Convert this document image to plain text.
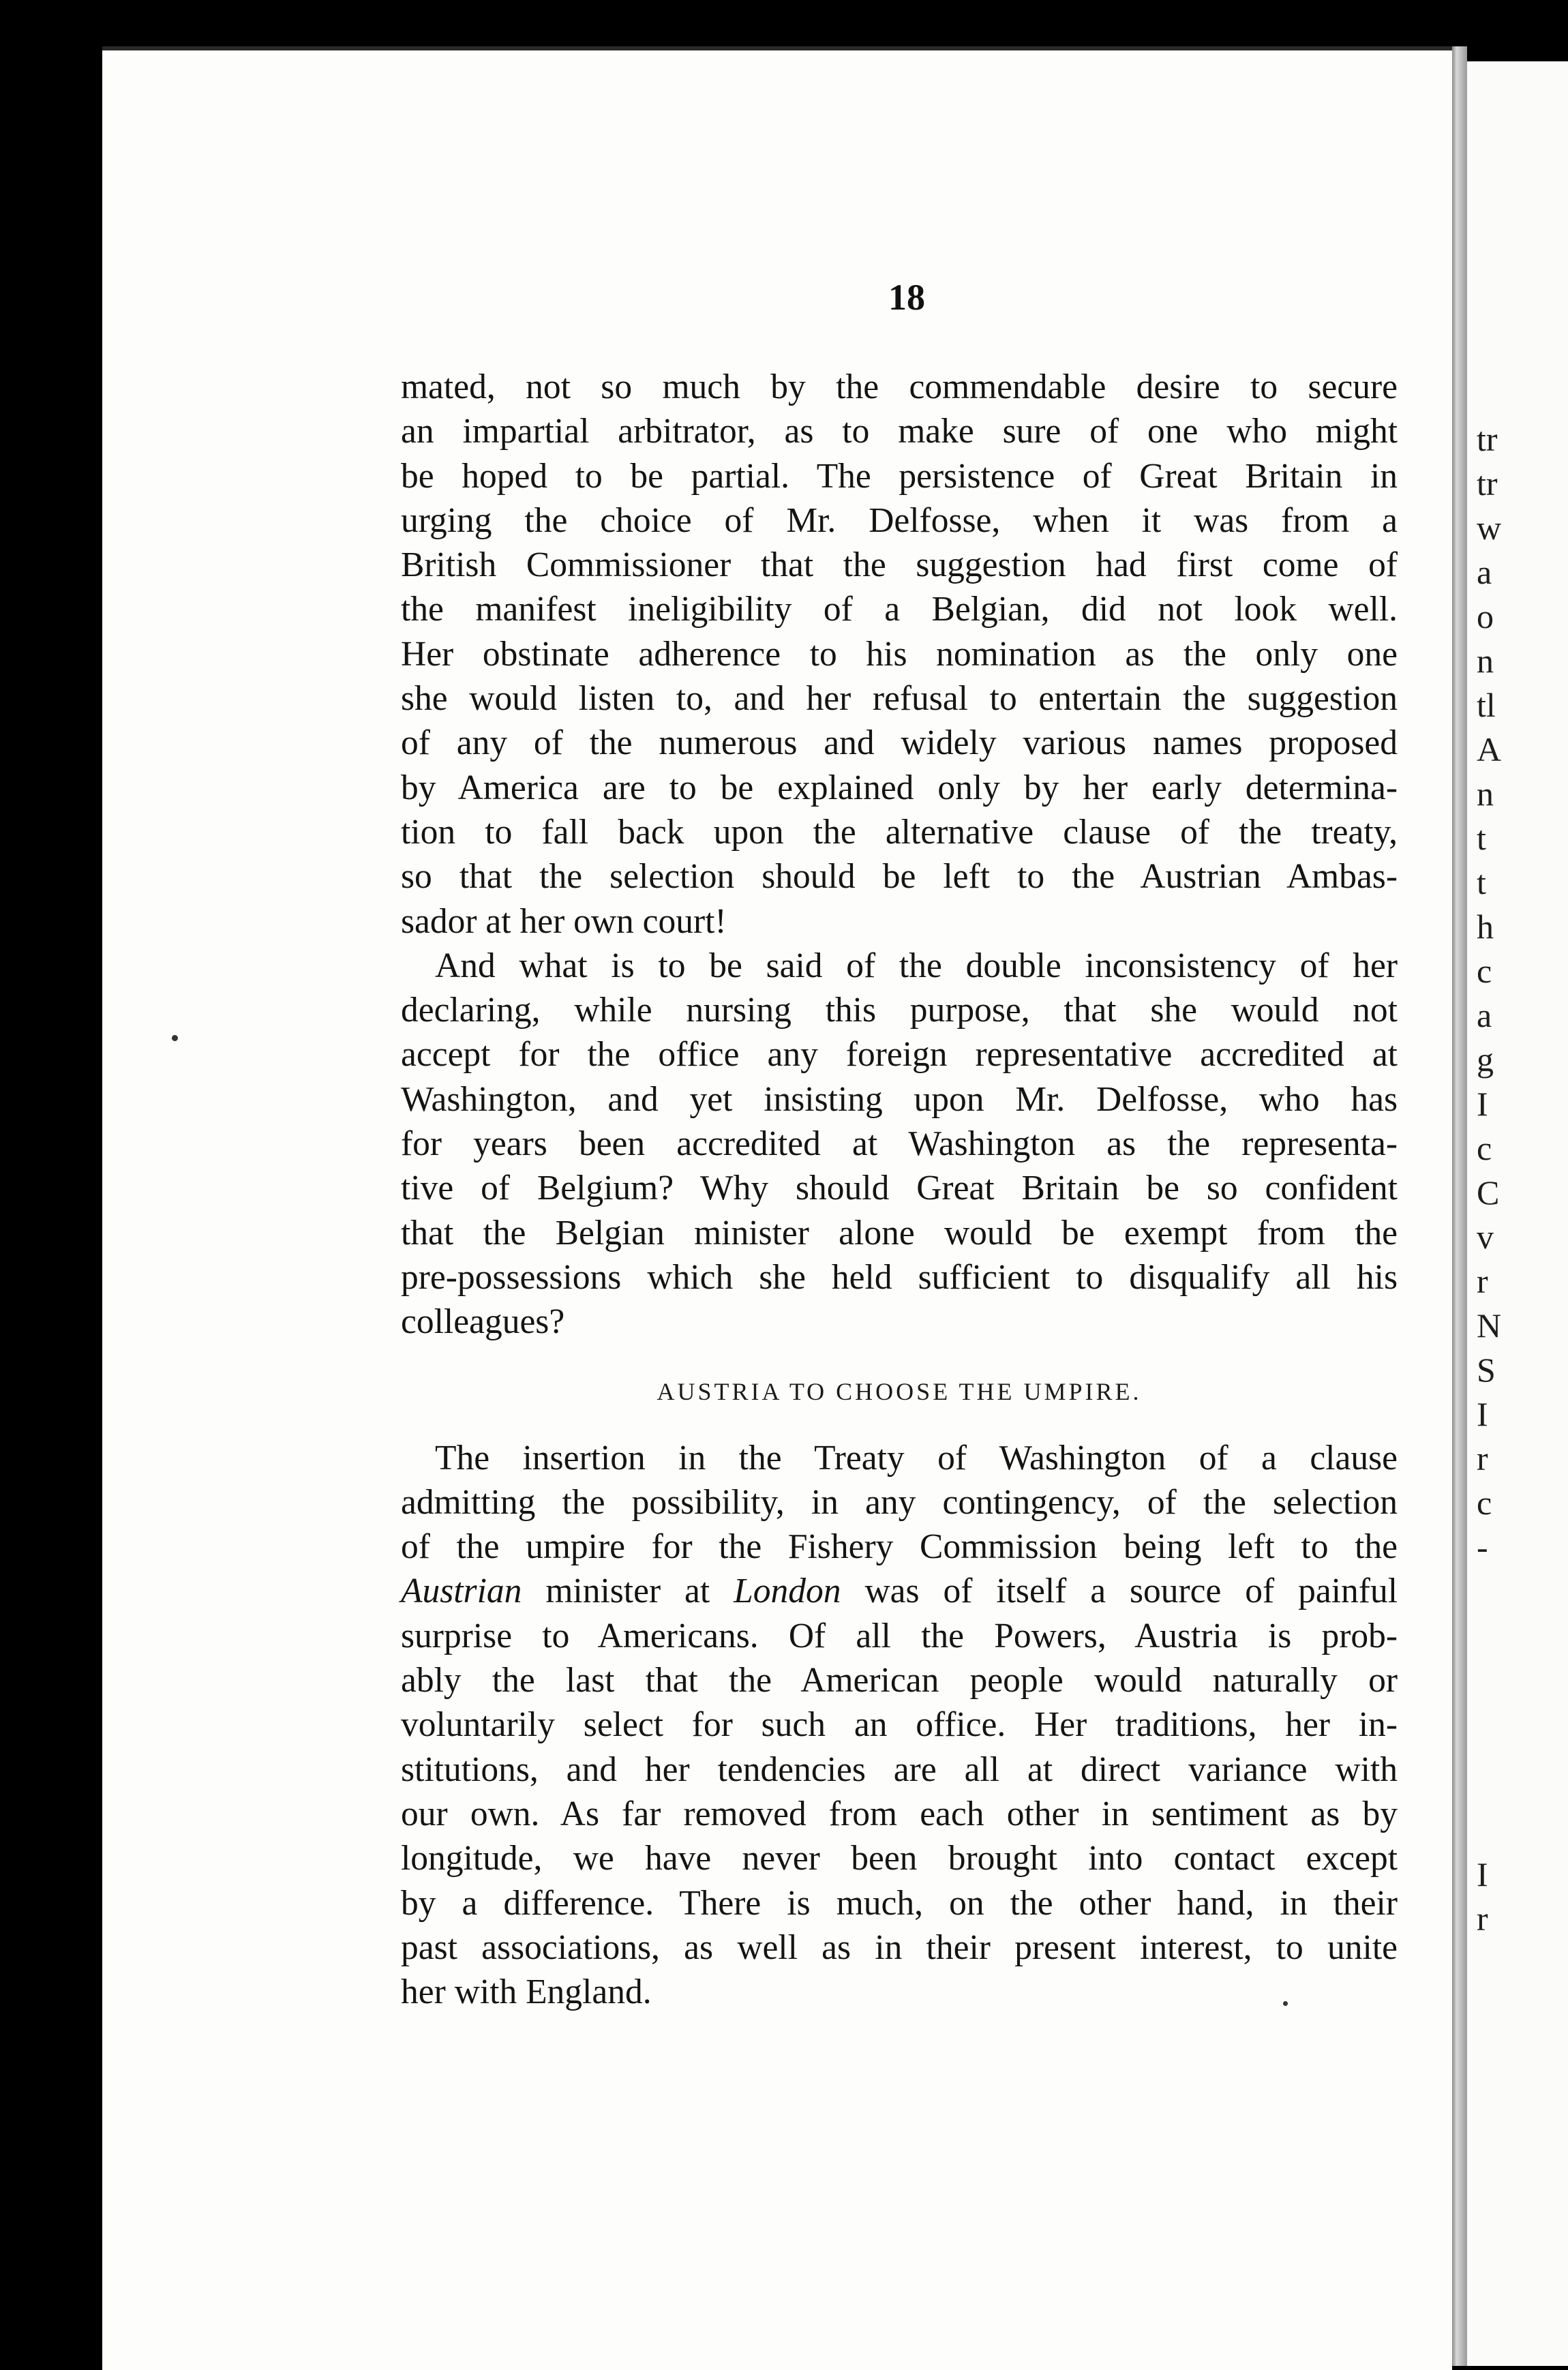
tr
tr
w
a
o
n
tl
A
n
t
t
h
c
a
g
I
c
C
v
r
N
S
I
r
c
-
I
r
18
mated, not so much by the commendable desire to secure
an impartial arbitrator, as to make sure of one who might
be hoped to be partial. The persistence of Great Britain in
urging the choice of Mr. Delfosse, when it was from a
British Commissioner that the suggestion had first come of
the manifest ineligibility of a Belgian, did not look well.
Her obstinate adherence to his nomination as the only one
she would listen to, and her refusal to entertain the suggestion
of any of the numerous and widely various names proposed
by America are to be explained only by her early determina-
tion to fall back upon the alternative clause of the treaty,
so that the selection should be left to the Austrian Ambas-
sador at her own court!
And what is to be said of the double inconsistency of her
declaring, while nursing this purpose, that she would not
accept for the office any foreign representative accredited at
Washington, and yet insisting upon Mr. Delfosse, who has
for years been accredited at Washington as the representa-
tive of Belgium? Why should Great Britain be so confident
that the Belgian minister alone would be exempt from the
pre-possessions which she held sufficient to disqualify all his
colleagues?
AUSTRIA TO CHOOSE THE UMPIRE.
The insertion in the Treaty of Washington of a clause
admitting the possibility, in any contingency, of the selection
of the umpire for the Fishery Commission being left to the
Austrian minister at London was of itself a source of painful
surprise to Americans. Of all the Powers, Austria is prob-
ably the last that the American people would naturally or
voluntarily select for such an office. Her traditions, her in-
stitutions, and her tendencies are all at direct variance with
our own. As far removed from each other in sentiment as by
longitude, we have never been brought into contact except
by a difference. There is much, on the other hand, in their
past associations, as well as in their present interest, to unite
her with England.
